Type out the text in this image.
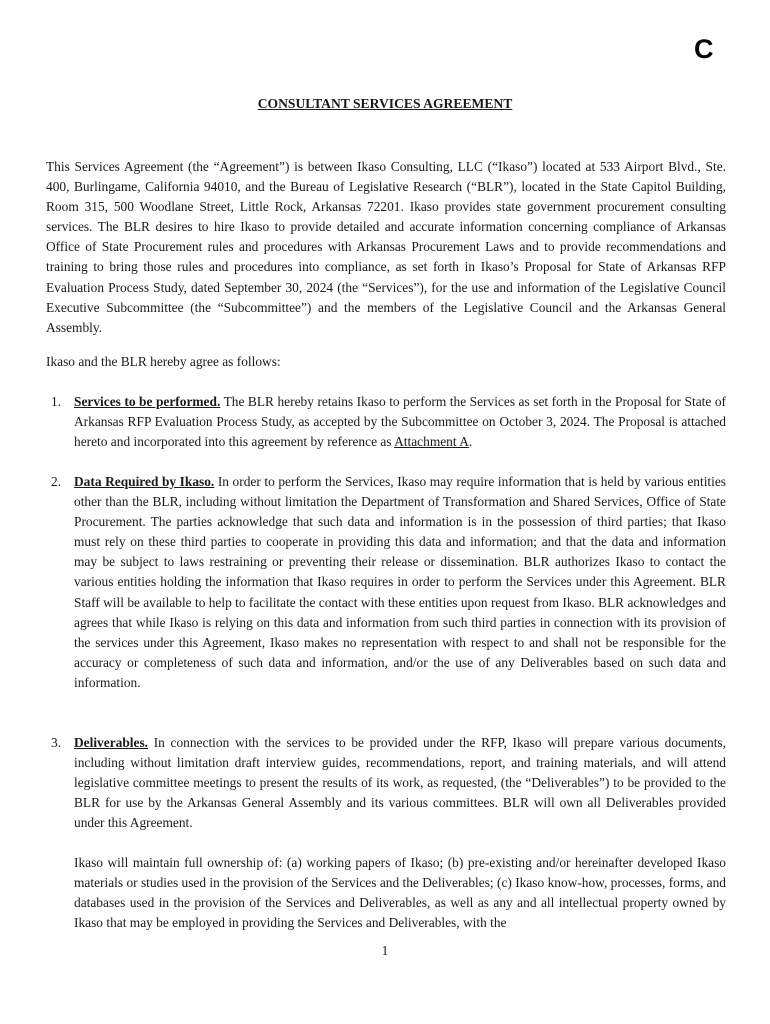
C
CONSULTANT SERVICES AGREEMENT

This Services Agreement (the “Agreement”) is between Ikaso Consulting, LLC (“Ikaso”) located at 533 Airport Blvd., Ste. 400, Burlingame, California 94010, and the Bureau of Legislative Research (“BLR”), located in the State Capitol Building, Room 315, 500 Woodlane Street, Little Rock, Arkansas 72201. Ikaso provides state government procurement consulting services. The BLR desires to hire Ikaso to provide detailed and accurate information concerning compliance of Arkansas Office of State Procurement rules and procedures with Arkansas Procurement Laws and to provide recommendations and training to bring those rules and procedures into compliance, as set forth in Ikaso’s Proposal for State of Arkansas RFP Evaluation Process Study, dated September 30, 2024 (the “Services”), for the use and information of the Legislative Council Executive Subcommittee (the “Subcommittee”) and the members of the Legislative Council and the Arkansas General Assembly.

Ikaso and the BLR hereby agree as follows:

1. Services to be performed. The BLR hereby retains Ikaso to perform the Services as set forth in the Proposal for State of Arkansas RFP Evaluation Process Study, as accepted by the Subcommittee on October 3, 2024. The Proposal is attached hereto and incorporated into this agreement by reference as Attachment A.
2. Data Required by Ikaso. In order to perform the Services, Ikaso may require information that is held by various entities other than the BLR, including without limitation the Department of Transformation and Shared Services, Office of State Procurement. The parties acknowledge that such data and information is in the possession of third parties; that Ikaso must rely on these third parties to cooperate in providing this data and information; and that the data and information may be subject to laws restraining or preventing their release or dissemination. BLR authorizes Ikaso to contact the various entities holding the information that Ikaso requires in order to perform the Services under this Agreement. BLR Staff will be available to help to facilitate the contact with these entities upon request from Ikaso. BLR acknowledges and agrees that while Ikaso is relying on this data and information from such third parties in connection with its provision of the services under this Agreement, Ikaso makes no representation with respect to and shall not be responsible for the accuracy or completeness of such data and information, and/or the use of any Deliverables based on such data and information.
3. Deliverables. In connection with the services to be provided under the RFP, Ikaso will prepare various documents, including without limitation draft interview guides, recommendations, report, and training materials, and will attend legislative committee meetings to present the results of its work, as requested, (the “Deliverables”) to be provided to the BLR for use by the Arkansas General Assembly and its various committees. BLR will own all Deliverables provided under this Agreement.
Ikaso will maintain full ownership of: (a) working papers of Ikaso; (b) pre-existing and/or hereinafter developed Ikaso materials or studies used in the provision of the Services and the Deliverables; (c) Ikaso know-how, processes, forms, and databases used in the provision of the Services and Deliverables, as well as any and all intellectual property owned by Ikaso that may be employed in providing the Services and Deliverables, with the
1
